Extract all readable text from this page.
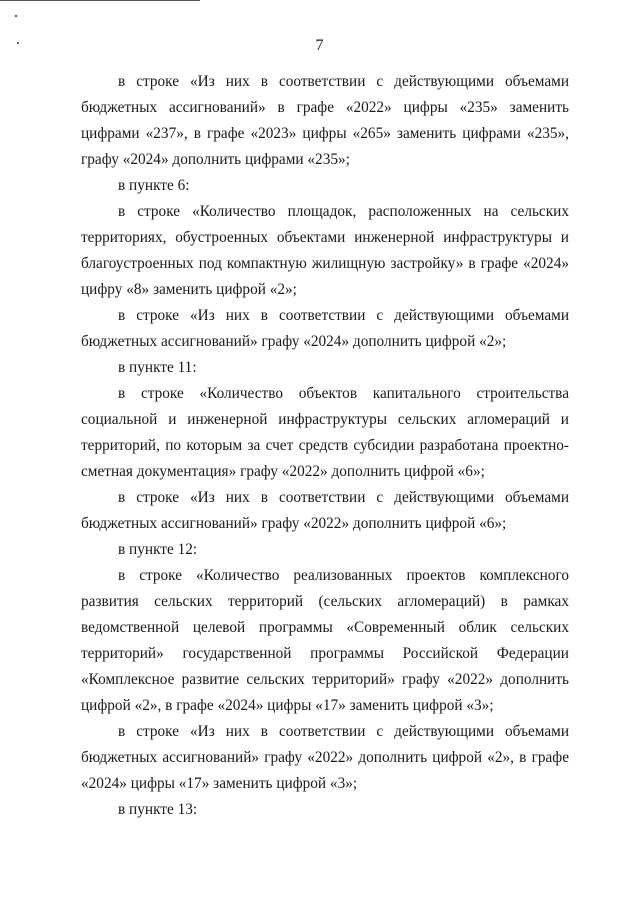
7
в строке «Из них в соответствии с действующими объемами
бюджетных ассигнований» в графе «2022» цифры «235» заменить
цифрами «237», в графе «2023» цифры «265» заменить цифрами «235»,
графу «2024» дополнить цифрами «235»;
в пункте 6:
в строке «Количество площадок, расположенных на сельских
территориях, обустроенных объектами инженерной инфраструктуры и
благоустроенных под компактную жилищную застройку» в графе «2024»
цифру «8» заменить цифрой «2»;
в строке «Из них в соответствии с действующими объемами
бюджетных ассигнований» графу «2024» дополнить цифрой «2»;
в пункте 11:
в строке «Количество объектов капитального строительства
социальной и инженерной инфраструктуры сельских агломераций и
территорий, по которым за счет средств субсидии разработана проектно-
сметная документация» графу «2022» дополнить цифрой «6»;
в строке «Из них в соответствии с действующими объемами
бюджетных ассигнований» графу «2022» дополнить цифрой «6»;
в пункте 12:
в строке «Количество реализованных проектов комплексного
развития сельских территорий (сельских агломераций) в рамках
ведомственной целевой программы «Современный облик сельских
территорий» государственной программы Российской Федерации
«Комплексное развитие сельских территорий» графу «2022» дополнить
цифрой «2», в графе «2024» цифры «17» заменить цифрой «3»;
в строке «Из них в соответствии с действующими объемами
бюджетных ассигнований» графу «2022» дополнить цифрой «2», в графе
«2024» цифры «17» заменить цифрой «3»;
в пункте 13:
